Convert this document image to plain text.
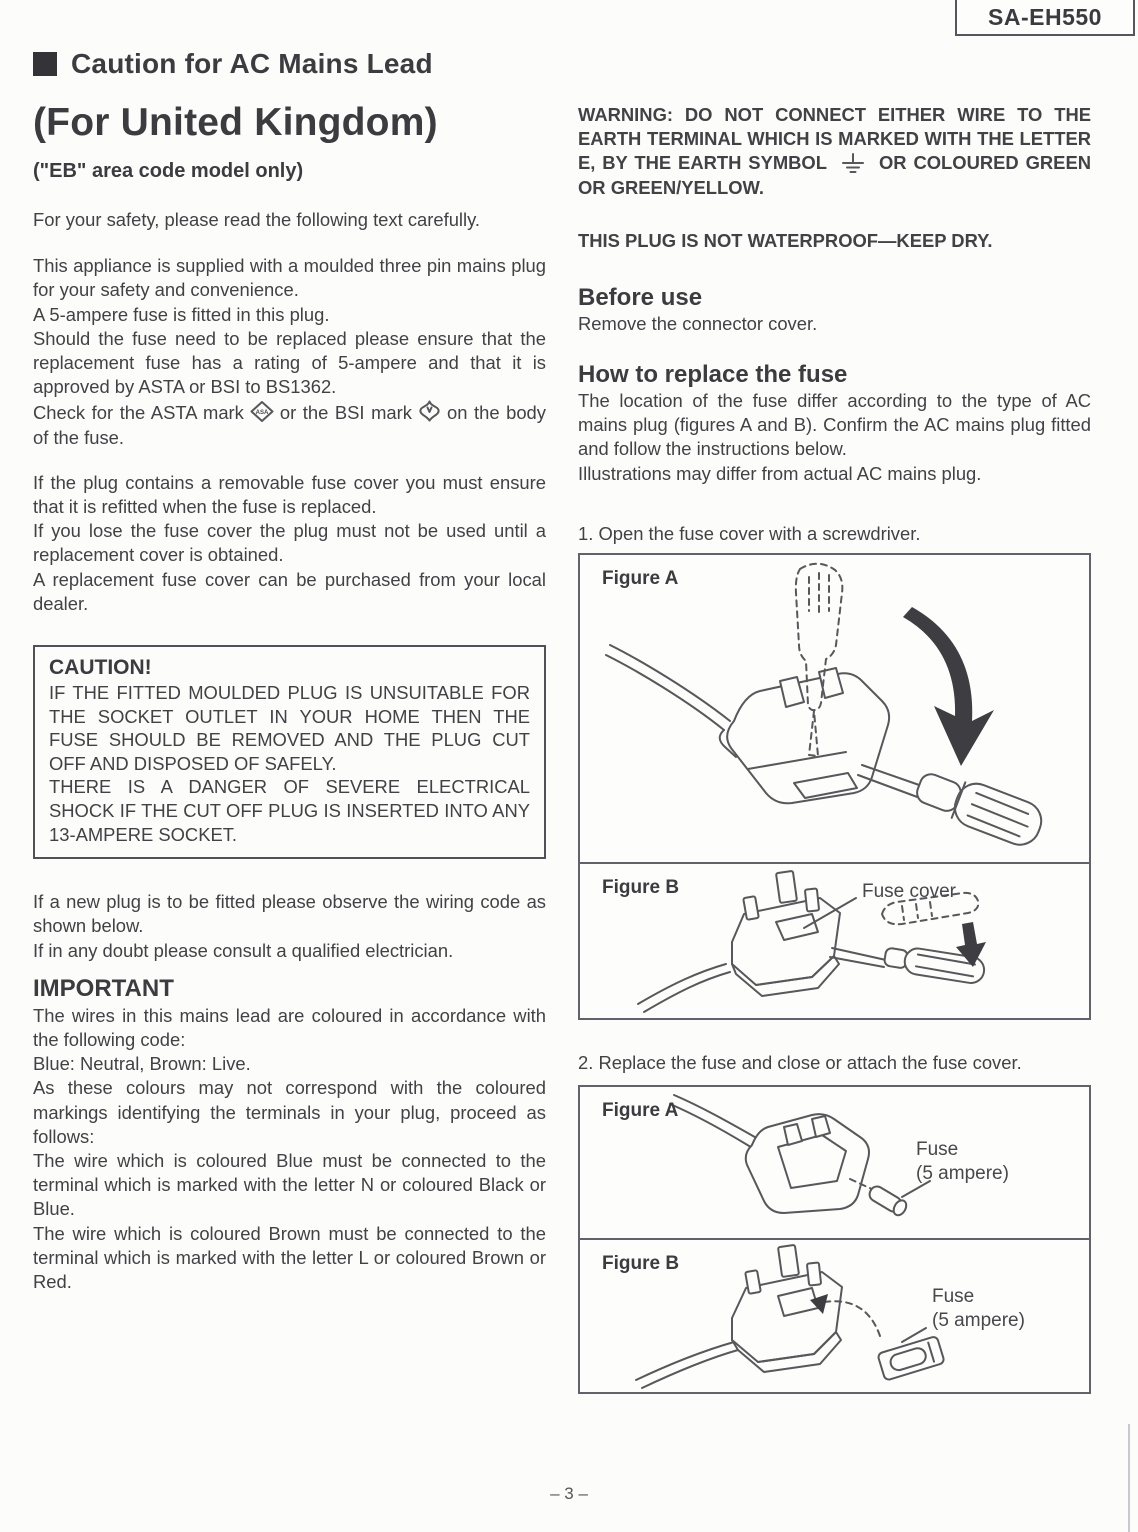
SA-EH550
Caution for AC Mains Lead
(For United Kingdom)
("EB" area code model only)

For your safety, please read the following text carefully.

This appliance is supplied with a moulded three pin mains plug for your safety and convenience.

A 5-ampere fuse is fitted in this plug.

Should the fuse need to be replaced please ensure that the replacement fuse has a rating of 5-ampere and that it is approved by ASTA or BSI to BS1362.

Check for the ASTA mark ASA or the BSI mark on the body of the fuse.

If the plug contains a removable fuse cover you must ensure that it is refitted when the fuse is replaced.

If you lose the fuse cover the plug must not be used until a replacement cover is obtained.

A replacement fuse cover can be purchased from your local dealer.

CAUTION!

IF THE FITTED MOULDED PLUG IS UNSUITABLE FOR THE SOCKET OUTLET IN YOUR HOME THEN THE FUSE SHOULD BE REMOVED AND THE PLUG CUT OFF AND DISPOSED OF SAFELY.

THERE IS A DANGER OF SEVERE ELECTRICAL SHOCK IF THE CUT OFF PLUG IS INSERTED INTO ANY 13-AMPERE SOCKET.

If a new plug is to be fitted please observe the wiring code as shown below.

If in any doubt please consult a qualified electrician.

IMPORTANT

The wires in this mains lead are coloured in accordance with the following code:

Blue: Neutral, Brown: Live.

As these colours may not correspond with the coloured markings identifying the terminals in your plug, proceed as follows:

The wire which is coloured Blue must be connected to the terminal which is marked with the letter N or coloured Black or Blue.

The wire which is coloured Brown must be connected to the terminal which is marked with the letter L or coloured Brown or Red.

WARNING: DO NOT CONNECT EITHER WIRE TO THE EARTH TERMINAL WHICH IS MARKED WITH THE LETTER E, BY THE EARTH SYMBOL	OR COLOURED GREEN OR GREEN/YELLOW.

THIS PLUG IS NOT WATERPROOF—KEEP DRY.

Before use

Remove the connector cover.

How to replace the fuse

The location of the fuse differ according to the type of AC mains plug (figures A and B). Confirm the AC mains plug fitted and follow the instructions below.

Illustrations may differ from actual AC mains plug.

1. Open the fuse cover with a screwdriver.

Figure A
Figure B	Fuse cover

2. Replace the fuse and close or attach the fuse cover.

Figure A
Fuse
(5 ampere)
Figure B
Fuse
(5 ampere)
– 3 –
